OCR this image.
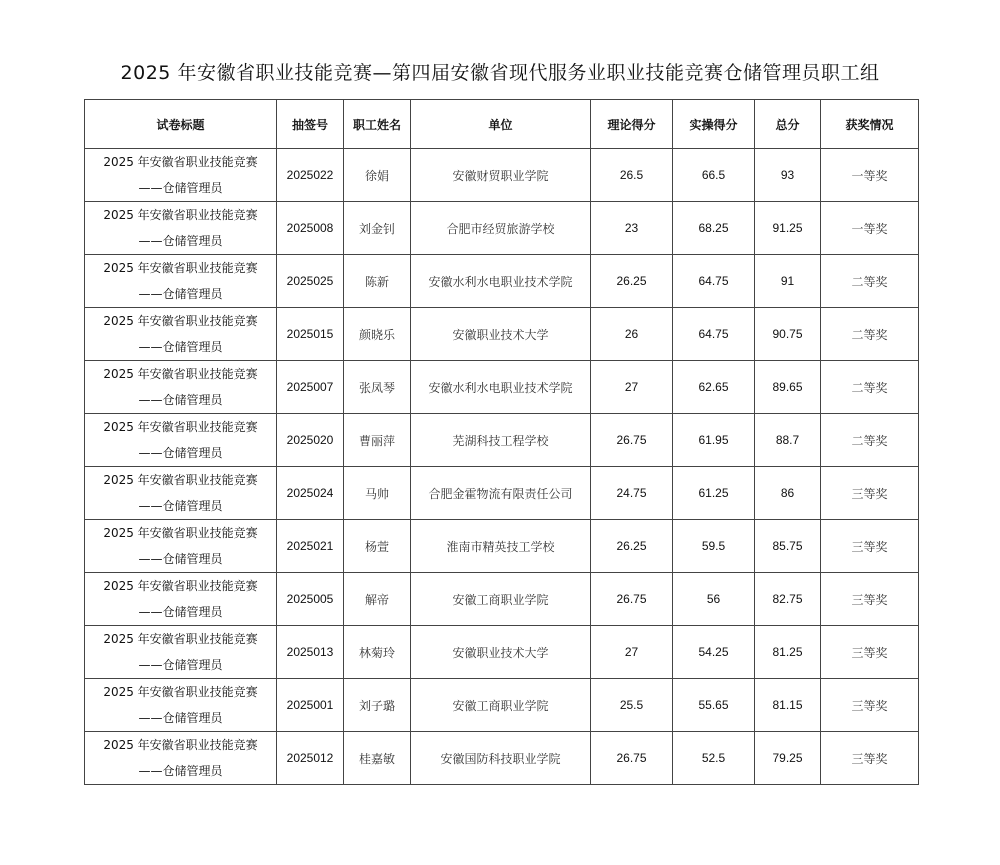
2025 年安徽省职业技能竞赛—第四届安徽省现代服务业职业技能竞赛仓储管理员职工组
试卷标题	抽签号	职工姓名	单位	理论得分	实操得分	总分	获奖情况

2025 年安徽省职业技能竞赛
——仓储管理员	2025022	徐娟	安徽财贸职业学院	26.5	66.5	93	一等奖

2025 年安徽省职业技能竞赛
——仓储管理员	2025008	刘金钊	合肥市经贸旅游学校	23	68.25	91.25	一等奖

2025 年安徽省职业技能竞赛
——仓储管理员	2025025	陈新	安徽水利水电职业技术学院	26.25	64.75	91	二等奖

2025 年安徽省职业技能竞赛
——仓储管理员	2025015	颜晓乐	安徽职业技术大学	26	64.75	90.75	二等奖

2025 年安徽省职业技能竞赛
——仓储管理员	2025007	张凤琴	安徽水利水电职业技术学院	27	62.65	89.65	二等奖

2025 年安徽省职业技能竞赛
——仓储管理员	2025020	曹丽萍	芜湖科技工程学校	26.75	61.95	88.7	二等奖

2025 年安徽省职业技能竞赛
——仓储管理员	2025024	马帅	合肥金霍物流有限责任公司	24.75	61.25	86	三等奖

2025 年安徽省职业技能竞赛
——仓储管理员	2025021	杨萱	淮南市精英技工学校	26.25	59.5	85.75	三等奖

2025 年安徽省职业技能竞赛
——仓储管理员	2025005	解帝	安徽工商职业学院	26.75	56	82.75	三等奖

2025 年安徽省职业技能竞赛
——仓储管理员	2025013	林菊玲	安徽职业技术大学	27	54.25	81.25	三等奖

2025 年安徽省职业技能竞赛
——仓储管理员	2025001	刘子璐	安徽工商职业学院	25.5	55.65	81.15	三等奖

2025 年安徽省职业技能竞赛
——仓储管理员	2025012	桂嘉敏	安徽国防科技职业学院	26.75	52.5	79.25	三等奖
